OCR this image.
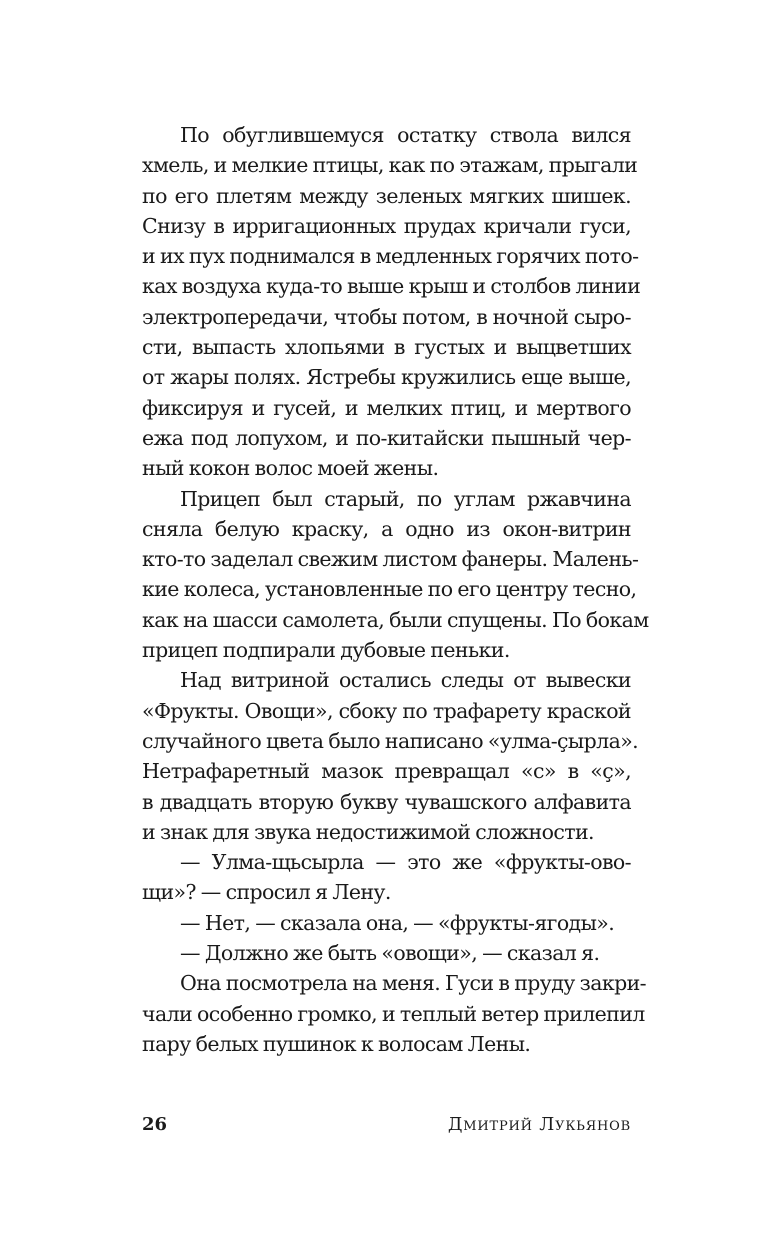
По обуглившемуся остатку ствола вился
хмель, и мелкие птицы, как по этажам, прыгали
по его плетям между зеленых мягких шишек.
Снизу в ирригационных прудах кричали гуси,
и их пух поднимался в медленных горячих пото-
ках воздуха куда-то выше крыш и столбов линии
электропередачи, чтобы потом, в ночной сыро-
сти, выпасть хлопьями в густых и выцветших
от жары полях. Ястребы кружились еще выше,
фиксируя и гусей, и мелких птиц, и мертвого
ежа под лопухом, и по-китайски пышный чер-
ный кокон волос моей жены.
Прицеп был старый, по углам ржавчина
сняла белую краску, а одно из окон-витрин
кто-то заделал свежим листом фанеры. Малень-
кие колеса, установленные по его центру тесно,
как на шасси самолета, были спущены. По бокам
прицеп подпирали дубовые пеньки.
Над витриной остались следы от вывески
«Фрукты. Овощи», сбоку по трафарету краской
случайного цвета было написано «улма-çырла».
Нетрафаретный мазок превращал «с» в «ç»,
в двадцать вторую букву чувашского алфавита
и знак для звука недостижимой сложности.
— Улма-щьсырла — это же «фрукты-ово-
щи»? — спросил я Лену.
— Нет, — сказала она, — «фрукты-ягоды».
— Должно же быть «овощи», — сказал я.
Она посмотрела на меня. Гуси в пруду закри-
чали особенно громко, и теплый ветер прилепил
пару белых пушинок к волосам Лены.
26	Дмитрий Лукьянов
